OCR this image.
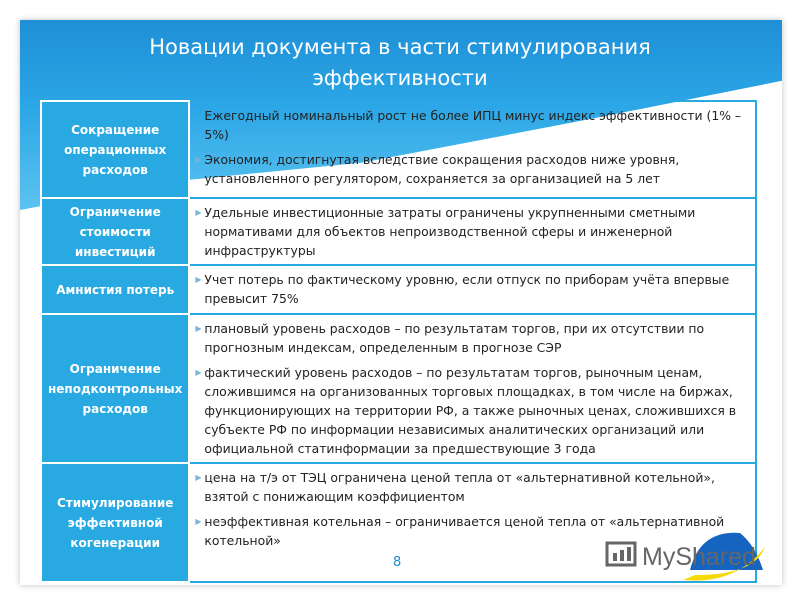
Новации документа в части стимулирования эффективности
Сокращение операционных расходов	Ежегодный номинальный рост не более ИПЦ минус индекс эффективности (1% – 5%)
▶ Экономия, достигнутая вследствие сокращения расходов ниже уровня, установленного регулятором, сохраняется за организацией на 5 лет

Ограничение стоимости инвестиций	▶ Удельные инвестиционные затраты ограничены укрупненными сметными нормативами для объектов непроизводственной сферы и инженерной инфраструктуры

Амнистия потерь	▶ Учет потерь по фактическому уровню, если отпуск по приборам учёта впервые превысит 75%

Ограничение неподконтрольных расходов	▶ плановый уровень расходов – по результатам торгов, при их отсутствии по прогнозным индексам, определенным в прогнозе СЭР
▶ фактический уровень расходов – по результатам торгов, рыночным ценам, сложившимся на организованных торговых площадках, в том числе на биржах, функционирующих на территории РФ, а также рыночных ценах, сложившихся в субъекте РФ по информации независимых аналитических организаций или официальной статинформации за предшествующие 3 года

Стимулирование эффективной когенерации	▶ цена на т/э от ТЭЦ ограничена ценой тепла от «альтернативной котельной», взятой с понижающим коэффициентом
▶ неэффективная котельная – ограничивается ценой тепла от «альтернативной котельной»
8	MyShared
